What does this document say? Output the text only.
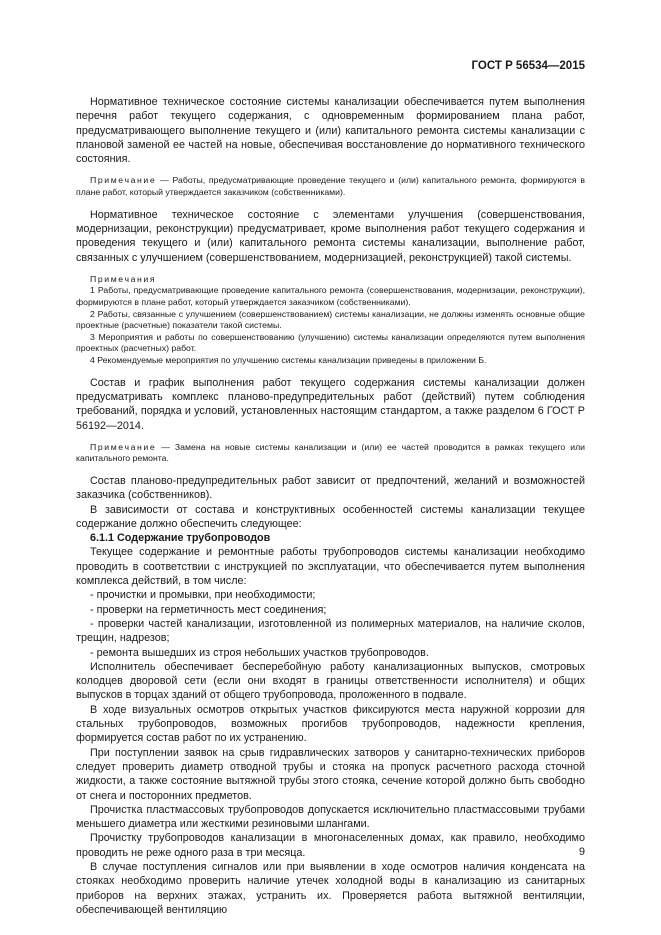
ГОСТ Р 56534—2015

Нормативное техническое состояние системы канализации обеспечивается путем выполнения перечня работ текущего содержания, с одновременным формированием плана работ, предусматривающего выполнение текущего и (или) капитального ремонта системы канализации с плановой заменой ее частей на новые, обеспечивая восстановление до нормативного технического состояния.

Примечание — Работы, предусматривающие проведение текущего и (или) капитального ремонта, формируются в плане работ, который утверждается заказчиком (собственниками).

Нормативное техническое состояние с элементами улучшения (совершенствования, модернизации, реконструкции) предусматривает, кроме выполнения работ текущего содержания и проведения текущего и (или) капитального ремонта системы канализации, выполнение работ, связанных с улучшением (совершенствованием, модернизацией, реконструкцией) такой системы.

Примечания

1 Работы, предусматривающие проведение капитального ремонта (совершенствования, модернизации, реконструкции), формируются в плане работ, который утверждается заказчиком (собственниками).

2 Работы, связанные с улучшением (совершенствованием) системы канализации, не должны изменять основные общие проектные (расчетные) показатели такой системы.

3 Мероприятия и работы по совершенствованию (улучшению) системы канализации определяются путем выполнения проектных (расчетных) работ.

4 Рекомендуемые мероприятия по улучшению системы канализации приведены в приложении Б.

Состав и график выполнения работ текущего содержания системы канализации должен предусматривать комплекс планово-предупредительных работ (действий) путем соблюдения требований, порядка и условий, установленных настоящим стандартом, а также разделом 6 ГОСТ Р 56192—2014.

Примечание — Замена на новые системы канализации и (или) ее частей проводится в рамках текущего или капитального ремонта.

Состав планово-предупредительных работ зависит от предпочтений, желаний и возможностей заказчика (собственников).

В зависимости от состава и конструктивных особенностей системы канализации текущее содержание должно обеспечить следующее:

6.1.1 Содержание трубопроводов

Текущее содержание и ремонтные работы трубопроводов системы канализации необходимо проводить в соответствии с инструкцией по эксплуатации, что обеспечивается путем выполнения комплекса действий, в том числе:

- прочистки и промывки, при необходимости;

- проверки на герметичность мест соединения;

- проверки частей канализации, изготовленной из полимерных материалов, на наличие сколов, трещин, надрезов;

- ремонта вышедших из строя небольших участков трубопроводов.

Исполнитель обеспечивает бесперебойную работу канализационных выпусков, смотровых колодцев дворовой сети (если они входят в границы ответственности исполнителя) и общих выпусков в торцах зданий от общего трубопровода, проложенного в подвале.

В ходе визуальных осмотров открытых участков фиксируются места наружной коррозии для стальных трубопроводов, возможных прогибов трубопроводов, надежности крепления, формируется состав работ по их устранению.

При поступлении заявок на срыв гидравлических затворов у санитарно-технических приборов следует проверить диаметр отводной трубы и стояка на пропуск расчетного расхода сточной жидкости, а также состояние вытяжной трубы этого стояка, сечение которой должно быть свободно от снега и посторонних предметов.

Прочистка пластмассовых трубопроводов допускается исключительно пластмассовыми трубами меньшего диаметра или жесткими резиновыми шлангами.

Прочистку трубопроводов канализации в многонаселенных домах, как правило, необходимо проводить не реже одного раза в три месяца.

В случае поступления сигналов или при выявлении в ходе осмотров наличия конденсата на стояках необходимо проверить наличие утечек холодной воды в канализацию из санитарных приборов на верхних этажах, устранить их. Проверяется работа вытяжной вентиляции, обеспечивающей вентиляцию

9
